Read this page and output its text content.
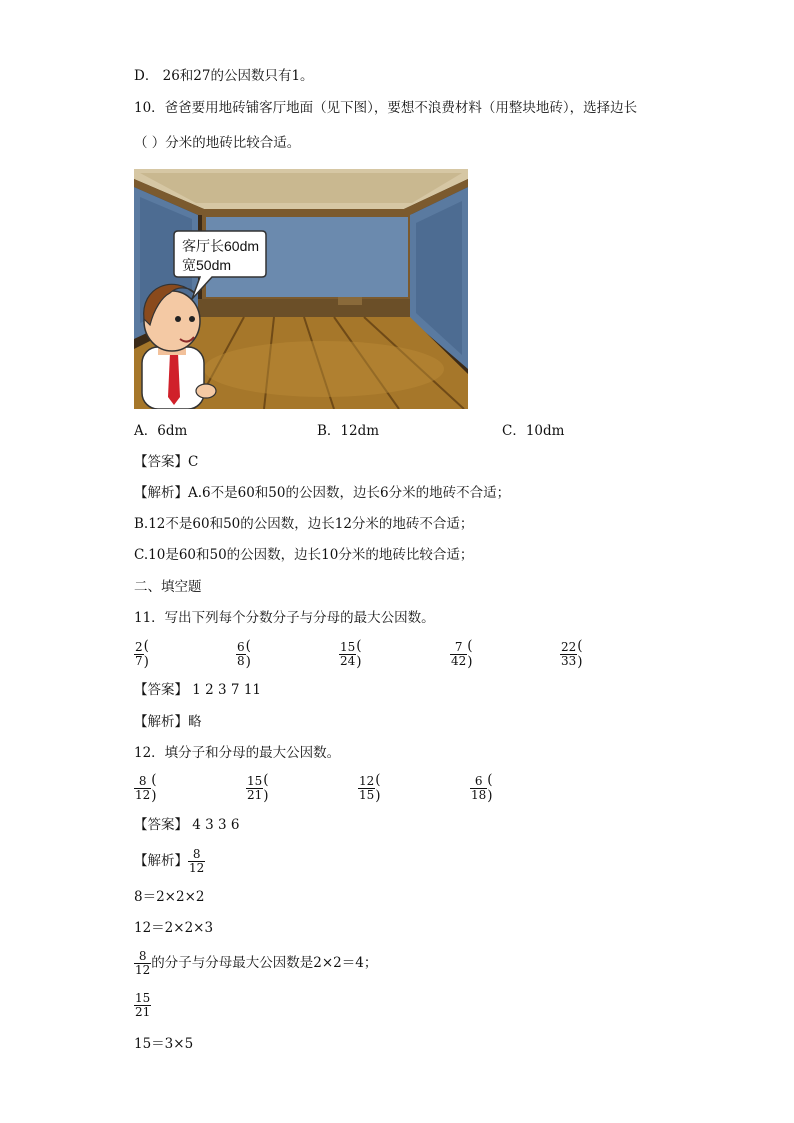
D． 26和27的公因数只有1。
10．爸爸要用地砖铺客厅地面（见下图），要想不浪费材料（用整块地砖），选择边长
（ ）分米的地砖比较合适。
客厅长60dm
宽50dm
A．6dm	B．12dm	C．10dm
【答案】C
【解析】A.6不是60和50的公因数，边长6分米的地砖不合适；
B.12不是60和50的公因数，边长12分米的地砖不合适；
C.10是60和50的公因数，边长10分米的地砖比较合适；
二、填空题
11．写出下列每个分数分子与分母的最大公因数。
$\frac{2}{7}$ ()	$\frac{6}{8}$ ()	$\frac{15}{24}$ ()	$\frac{7}{42}$ ()	$\frac{22}{33}$ ()
【答案】 1 2 3 7 11
【解析】略
12．填分子和分母的最大公因数。
$\frac{8}{12}$ ()	$\frac{15}{21}$ ()	$\frac{12}{15}$ ()	$\frac{6}{18}$ ()
【答案】 4 3 3 6
【解析】 $\frac{8}{12}$
8＝2×2×2
12＝2×2×3
$\frac{8}{12}$ 的分子与分母最大公因数是2×2＝4；
$\frac{15}{21}$
15＝3×5
